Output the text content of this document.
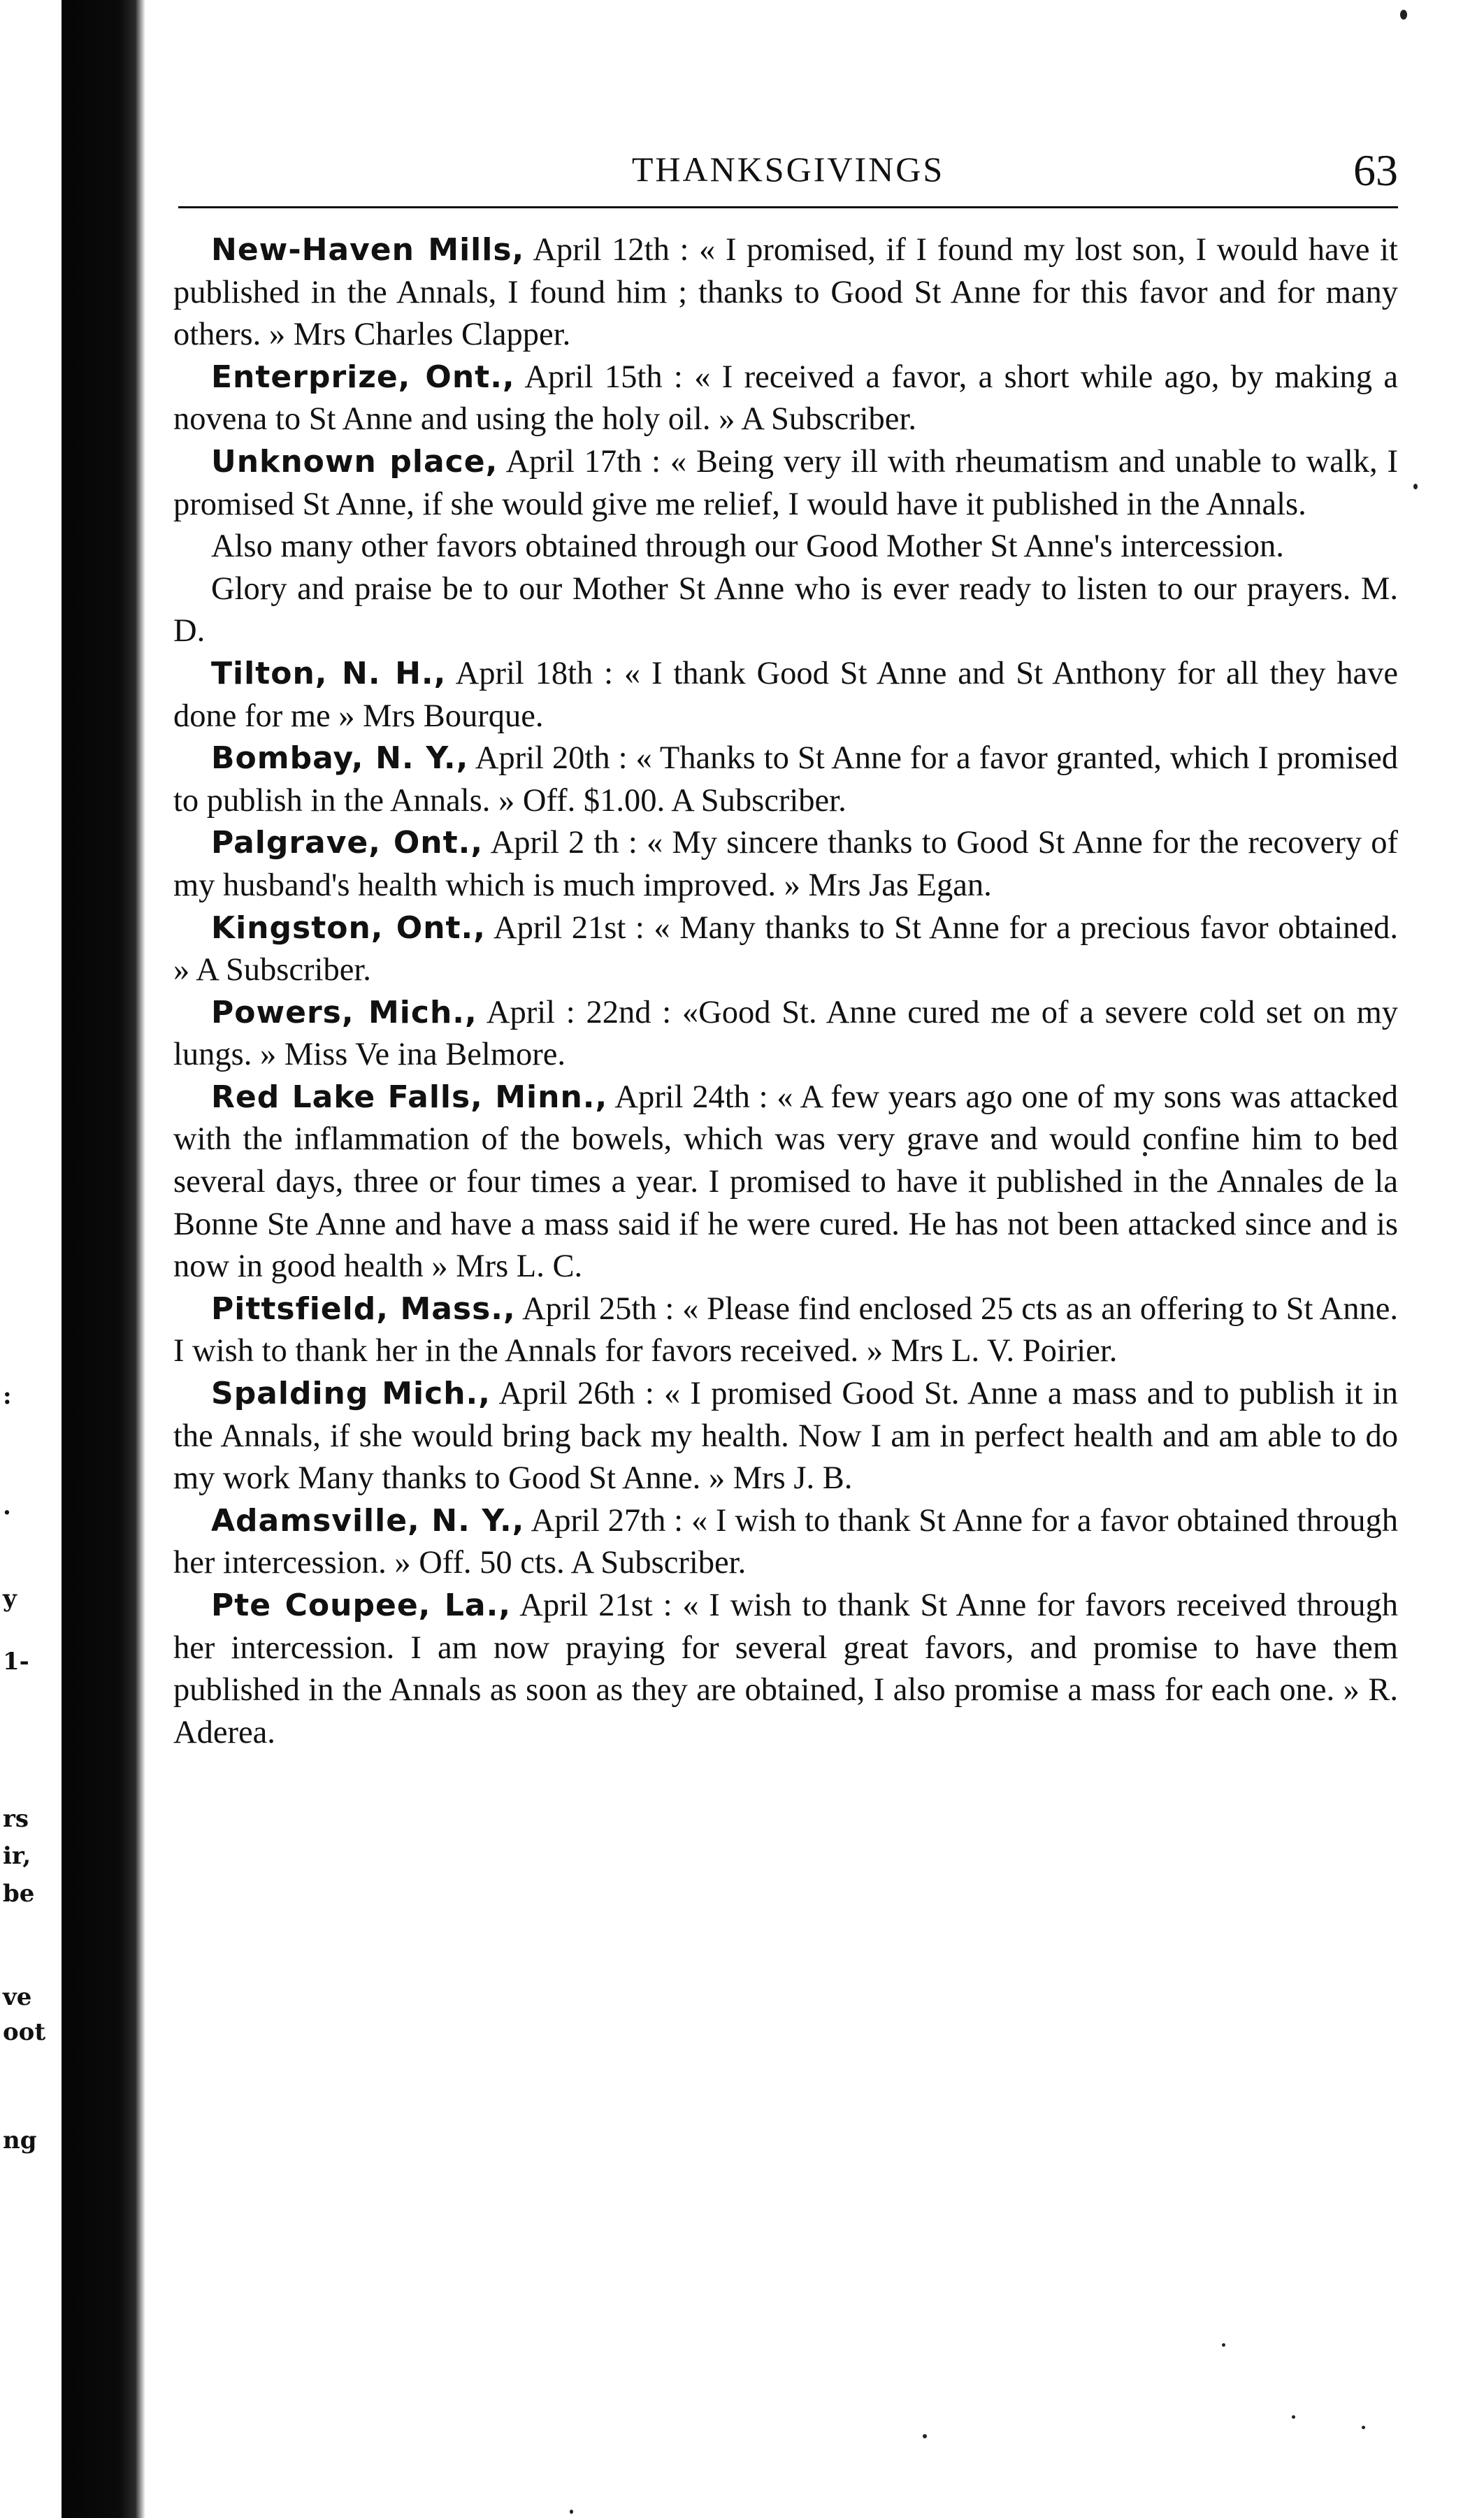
:
.
y
1-
rs
ir,
be
ve
oot
ng
THANKSGIVINGS	63

New-Haven Mills, April 12th : « I promised, if I found my lost son, I would have it published in the Annals, I found him ; thanks to Good St Anne for this favor and for many others. » Mrs Charles Clapper.

Enterprize, Ont., April 15th : « I received a favor, a short while ago, by making a novena to St Anne and using the holy oil. » A Subscriber.

Unknown place, April 17th : « Being very ill with rheumatism and unable to walk, I promised St Anne, if she would give me relief, I would have it published in the Annals.

Also many other favors obtained through our Good Mother St Anne's intercession.

Glory and praise be to our Mother St Anne who is ever ready to listen to our prayers. M. D.

Tilton, N. H., April 18th : « I thank Good St Anne and St Anthony for all they have done for me » Mrs Bourque.

Bombay, N. Y., April 20th : « Thanks to St Anne for a favor granted, which I promised to publish in the Annals. » Off. $1.00. A Subscriber.

Palgrave, Ont., April 2 th : « My sincere thanks to Good St Anne for the recovery of my husband's health which is much improved. » Mrs Jas Egan.

Kingston, Ont., April 21st : « Many thanks to St Anne for a precious favor obtained. » A Subscriber.

Powers, Mich., April : 22nd : «Good St. Anne cured me of a severe cold set on my lungs. » Miss Ve ina Belmore.

Red Lake Falls, Minn., April 24th : « A few years ago one of my sons was attacked with the inflammation of the bowels, which was very grave and would confine him to bed several days, three or four times a year. I promised to have it published in the Annales de la Bonne Ste Anne and have a mass said if he were cured. He has not been attacked since and is now in good health » Mrs L. C.

Pittsfield, Mass., April 25th : « Please find enclosed 25 cts as an offering to St Anne. I wish to thank her in the Annals for favors received. » Mrs L. V. Poirier.

Spalding Mich., April 26th : « I promised Good St. Anne a mass and to publish it in the Annals, if she would bring back my health. Now I am in perfect health and am able to do my work Many thanks to Good St Anne. » Mrs J. B.

Adamsville, N. Y., April 27th : « I wish to thank St Anne for a favor obtained through her intercession. » Off. 50 cts. A Subscriber.

Pte Coupee, La., April 21st : « I wish to thank St Anne for favors received through her intercession. I am now praying for several great favors, and promise to have them published in the Annals as soon as they are obtained, I also promise a mass for each one. » R. Aderea.
